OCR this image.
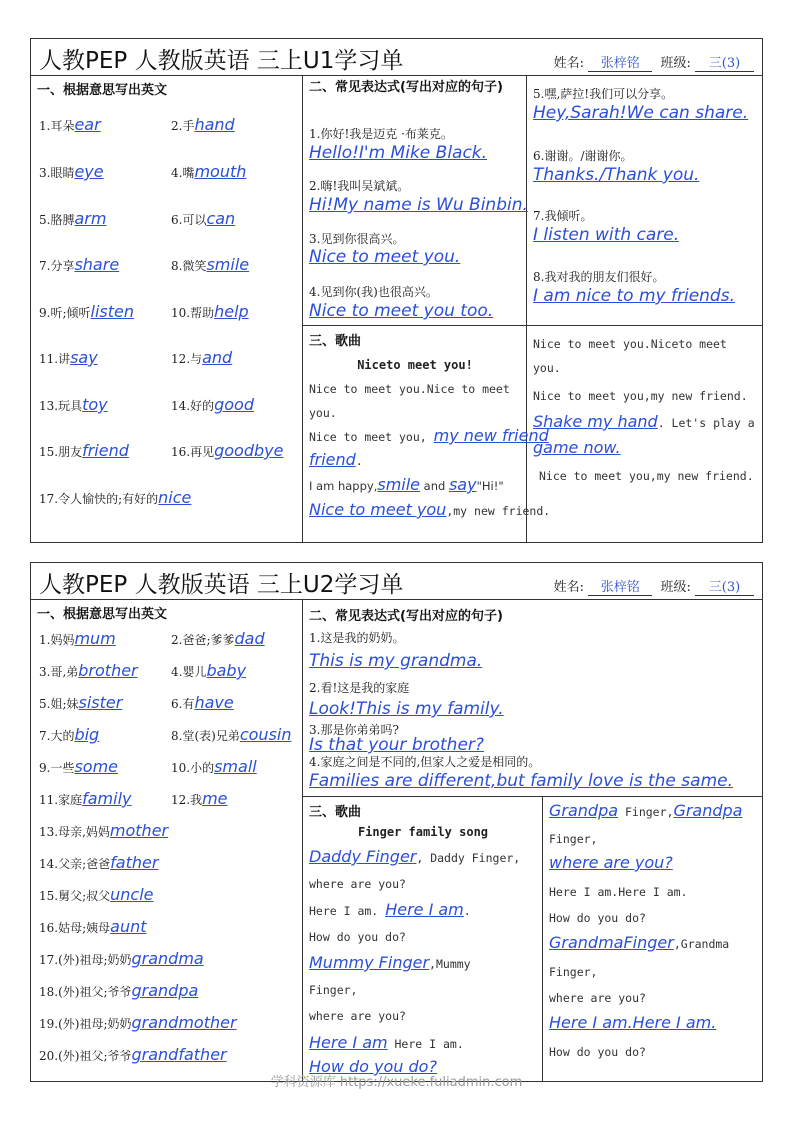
人教PEP 人教版英语 三上U1学习单	姓名: 张梓铭 班级: 三(3)
一、根据意思写出英文
1.耳朵ear	2.手hand
3.眼睛eye	4.嘴mouth
5.胳膊arm	6.可以can
7.分享share	8.微笑smile
9.听;倾听listen	10.帮助help
11.讲say	12.与and
13.玩具toy	14.好的good
15.朋友friend	16.再见goodbye
17.令人愉快的;有好的nice
二、常见表达式(写出对应的句子)
1.你好!我是迈克 ·布莱克。
Hello!I'm Mike Black.
2.嗨!我叫吴斌斌。
Hi!My name is Wu Binbin.
3.见到你很高兴。
Nice to meet you.
4.见到你(我)也很高兴。
Nice to meet you too.
5.嘿,萨拉!我们可以分享。
Hey,Sarah!We can share.
6.谢谢。/谢谢你。
Thanks./Thank you.
7.我倾听。
I listen with care.
8.我对我的朋友们很好。
I am nice to my friends.
三、歌曲
Niceto meet you!
Nice to meet you.Nice to meet you.
Nice to meet you, my new friend
friend.
I am happy,smile and say"Hi!"
Nice to meet you,my new friend.
Nice to meet you.Niceto meet you.
Nice to meet you,my new friend.
Shake my hand. Let's play a
game now.
Nice to meet you,my new friend.
人教PEP 人教版英语 三上U2学习单	姓名: 张梓铭 班级: 三(3)
一、根据意思写出英文
1.妈妈mum	2.爸爸;爹爹dad
3.哥,弟brother	4.婴儿baby
5.姐;妹sister	6.有have
7.大的big	8.堂(表)兄弟cousin
9.一些some	10.小的small
11.家庭family	12.我me
13.母亲,妈妈mother
14.父亲;爸爸father
15.舅父;叔父uncle
16.姑母;姨母aunt
17.(外)祖母;奶奶grandma
18.(外)祖父;爷爷grandpa
19.(外)祖母;奶奶grandmother
20.(外)祖父;爷爷grandfather
二、常见表达式(写出对应的句子)
1.这是我的奶奶。
This is my grandma.
2.看!这是我的家庭
Look!This is my family.
3.那是你弟弟吗?
Is that your brother?
4.家庭之间是不同的,但家人之爱是相同的。
Families are different,but family love is the same.
三、歌曲
Finger family song
Daddy Finger, Daddy Finger,
where are you?
Here I am. Here I am.
How do you do?
Mummy Finger,Mummy
Finger,
where are you?
Here I am Here I am.
How do you do?
Grandpa Finger,Grandpa
Finger,
where are you?
Here I am.Here I am.
How do you do?
GrandmaFinger,Grandma
Finger,
where are you?
Here I am.Here I am.
How do you do?
学科资源库 https://xueke.fuliadmin.com
